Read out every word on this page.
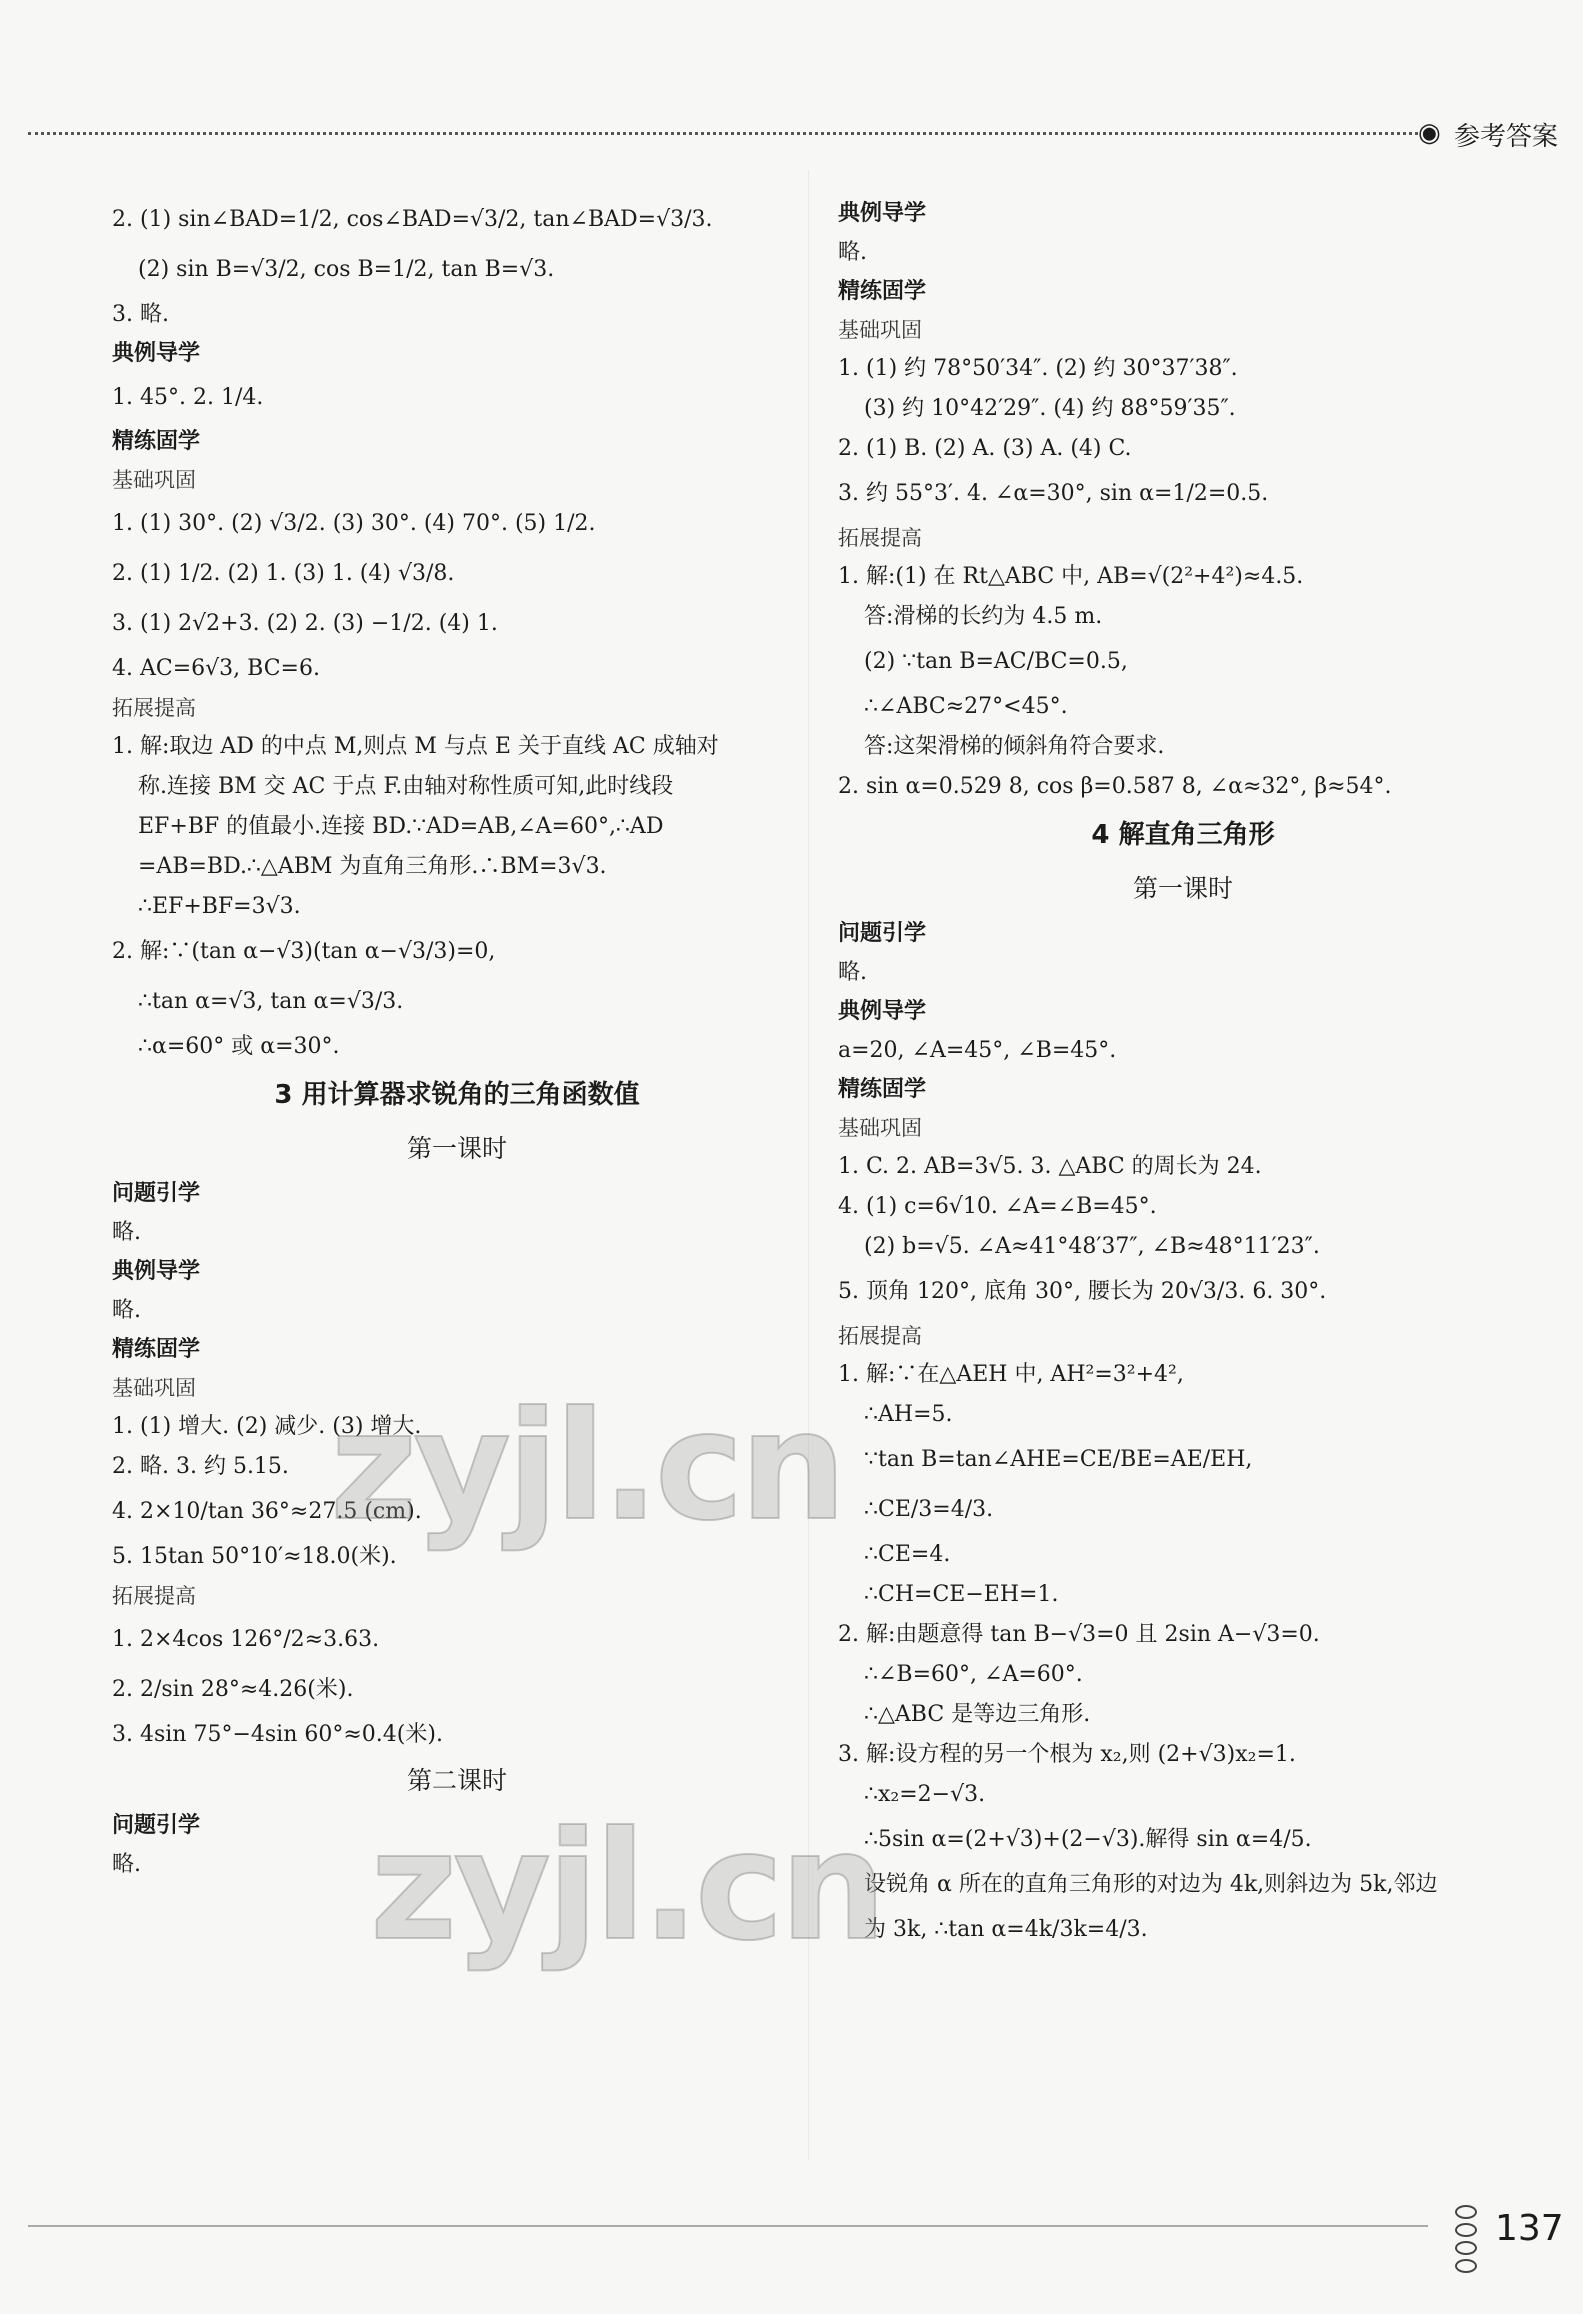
◉ 参考答案
2. (1) sin∠BAD=1/2, cos∠BAD=√3/2, tan∠BAD=√3/3.
(2) sin B=√3/2, cos B=1/2, tan B=√3.
3. 略.
典例导学
1. 45°. 2. 1/4.
精练固学
基础巩固
1. (1) 30°. (2) √3/2. (3) 30°. (4) 70°. (5) 1/2.
2. (1) 1/2. (2) 1. (3) 1. (4) √3/8.
3. (1) 2√2+3. (2) 2. (3) −1/2. (4) 1.
4. AC=6√3, BC=6.
拓展提高
1. 解:取边 AD 的中点 M,则点 M 与点 E 关于直线 AC 成轴对
称.连接 BM 交 AC 于点 F.由轴对称性质可知,此时线段
EF+BF 的值最小.连接 BD.∵AD=AB,∠A=60°,∴AD
=AB=BD.∴△ABM 为直角三角形.∴BM=3√3.
∴EF+BF=3√3.
2. 解:∵(tan α−√3)(tan α−√3/3)=0,
∴tan α=√3, tan α=√3/3.
∴α=60° 或 α=30°.
3 用计算器求锐角的三角函数值
第一课时
问题引学
略.
典例导学
略.
精练固学
基础巩固
1. (1) 增大. (2) 减少. (3) 增大.
2. 略. 3. 约 5.15.
4. 2×10/tan 36°≈27.5 (cm).
5. 15tan 50°10′≈18.0(米).
拓展提高
1. 2×4cos 126°/2≈3.63.
2. 2/sin 28°≈4.26(米).
3. 4sin 75°−4sin 60°≈0.4(米).
第二课时
问题引学
略.
典例导学
略.
精练固学
基础巩固
1. (1) 约 78°50′34″. (2) 约 30°37′38″.
(3) 约 10°42′29″. (4) 约 88°59′35″.
2. (1) B. (2) A. (3) A. (4) C.
3. 约 55°3′. 4. ∠α=30°, sin α=1/2=0.5.
拓展提高
1. 解:(1) 在 Rt△ABC 中, AB=√(2²+4²)≈4.5.
答:滑梯的长约为 4.5 m.
(2) ∵tan B=AC/BC=0.5,
∴∠ABC≈27°<45°.
答:这架滑梯的倾斜角符合要求.
2. sin α=0.529 8, cos β=0.587 8, ∠α≈32°, β≈54°.
4 解直角三角形
第一课时
问题引学
略.
典例导学
a=20, ∠A=45°, ∠B=45°.
精练固学
基础巩固
1. C. 2. AB=3√5. 3. △ABC 的周长为 24.
4. (1) c=6√10. ∠A=∠B=45°.
(2) b=√5. ∠A≈41°48′37″, ∠B≈48°11′23″.
5. 顶角 120°, 底角 30°, 腰长为 20√3/3. 6. 30°.
拓展提高
1. 解:∵在△AEH 中, AH²=3²+4²,
∴AH=5.
∵tan B=tan∠AHE=CE/BE=AE/EH,
∴CE/3=4/3.
∴CE=4.
∴CH=CE−EH=1.
2. 解:由题意得 tan B−√3=0 且 2sin A−√3=0.
∴∠B=60°, ∠A=60°.
∴△ABC 是等边三角形.
3. 解:设方程的另一个根为 x₂,则 (2+√3)x₂=1.
∴x₂=2−√3.
∴5sin α=(2+√3)+(2−√3).解得 sin α=4/5.
设锐角 α 所在的直角三角形的对边为 4k,则斜边为 5k,邻边
为 3k, ∴tan α=4k/3k=4/3.
zyjl.cn
zyjl.cn
137
